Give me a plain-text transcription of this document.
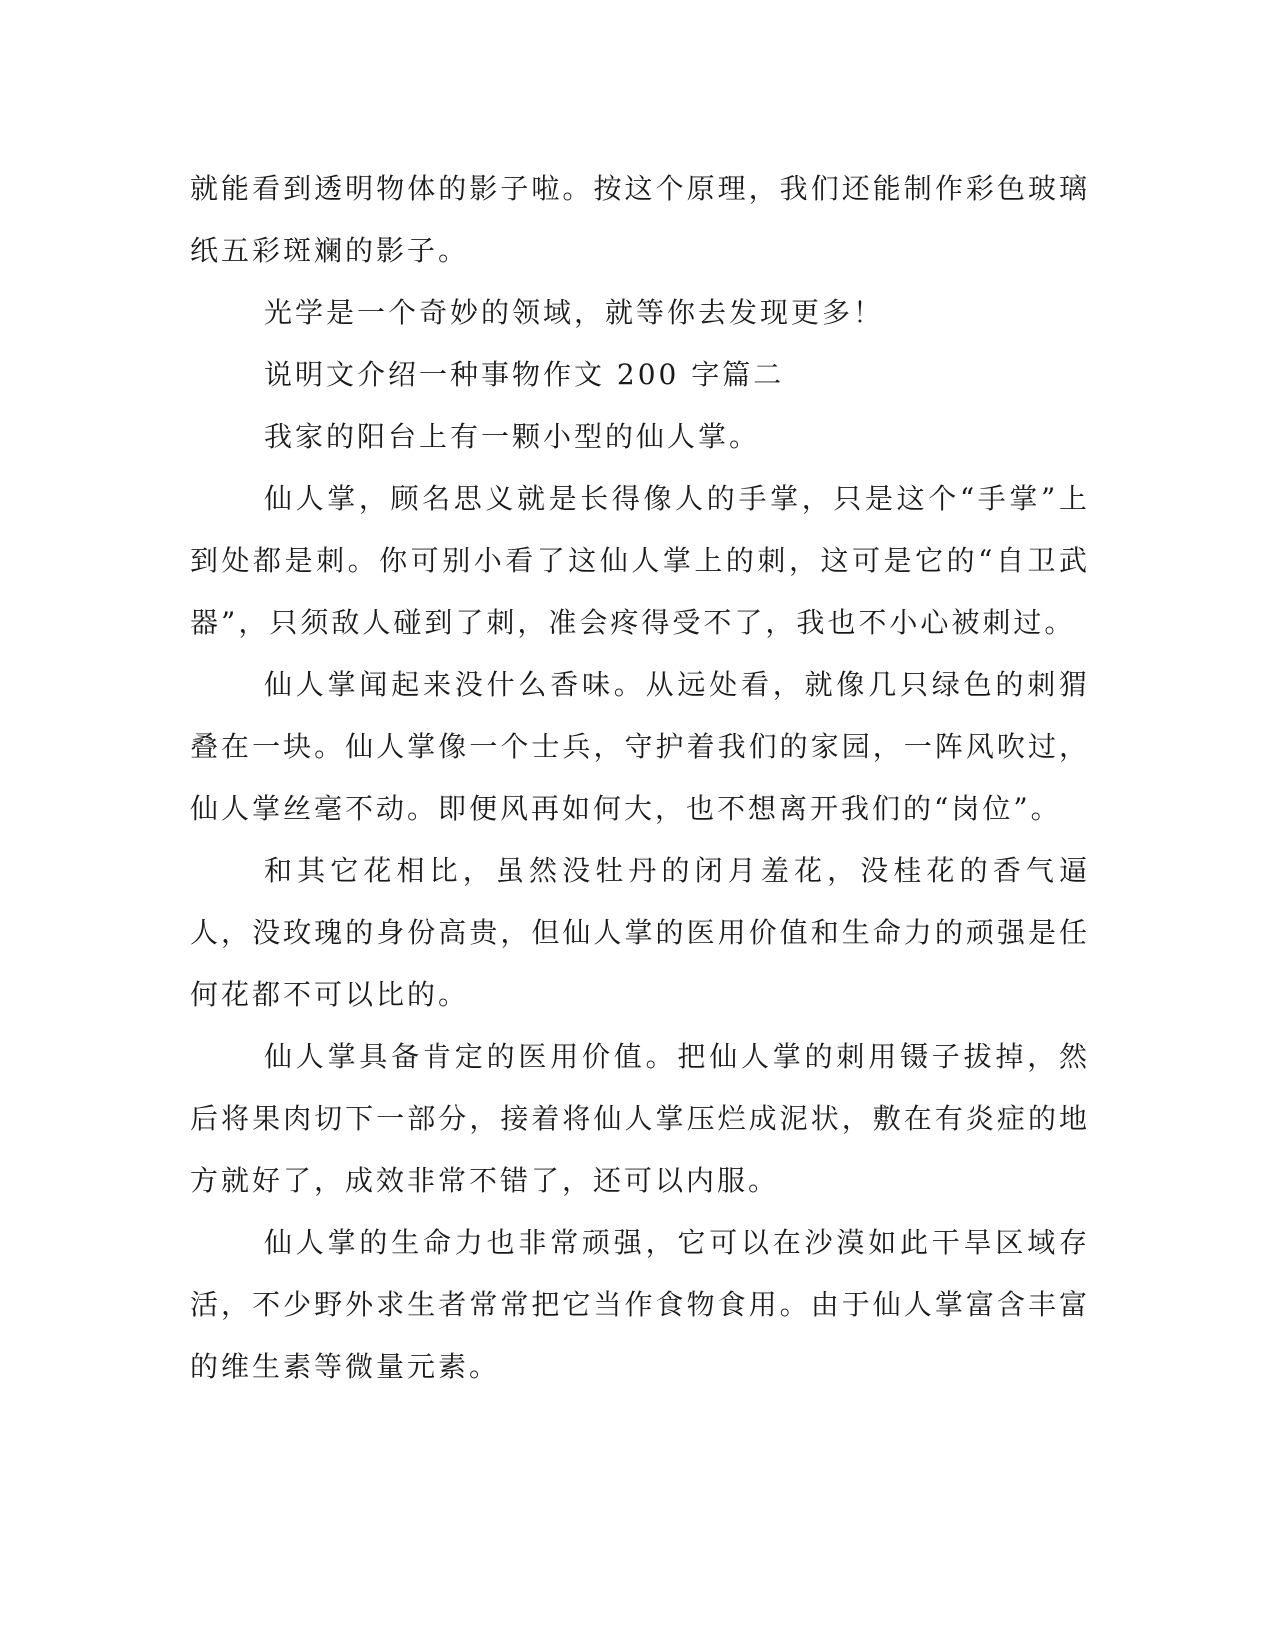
就能看到透明物体的影子啦。按这个原理，我们还能制作彩色玻璃纸五彩斑斓的影子。

光学是一个奇妙的领域，就等你去发现更多！

说明文介绍一种事物作文 200 字篇二

我家的阳台上有一颗小型的仙人掌。

仙人掌，顾名思义就是长得像人的手掌，只是这个“手掌”上到处都是刺。你可别小看了这仙人掌上的刺，这可是它的“自卫武器”，只须敌人碰到了刺，准会疼得受不了，我也不小心被刺过。

仙人掌闻起来没什么香味。从远处看，就像几只绿色的刺猬叠在一块。仙人掌像一个士兵，守护着我们的家园，一阵风吹过，仙人掌丝毫不动。即便风再如何大，也不想离开我们的“岗位”。

和其它花相比，虽然没牡丹的闭月羞花，没桂花的香气逼人，没玫瑰的身份高贵，但仙人掌的医用价值和生命力的顽强是任何花都不可以比的。

仙人掌具备肯定的医用价值。把仙人掌的刺用镊子拔掉，然后将果肉切下一部分，接着将仙人掌压烂成泥状，敷在有炎症的地方就好了，成效非常不错了，还可以内服。

仙人掌的生命力也非常顽强，它可以在沙漠如此干旱区域存活，不少野外求生者常常把它当作食物食用。由于仙人掌富含丰富的维生素等微量元素。
